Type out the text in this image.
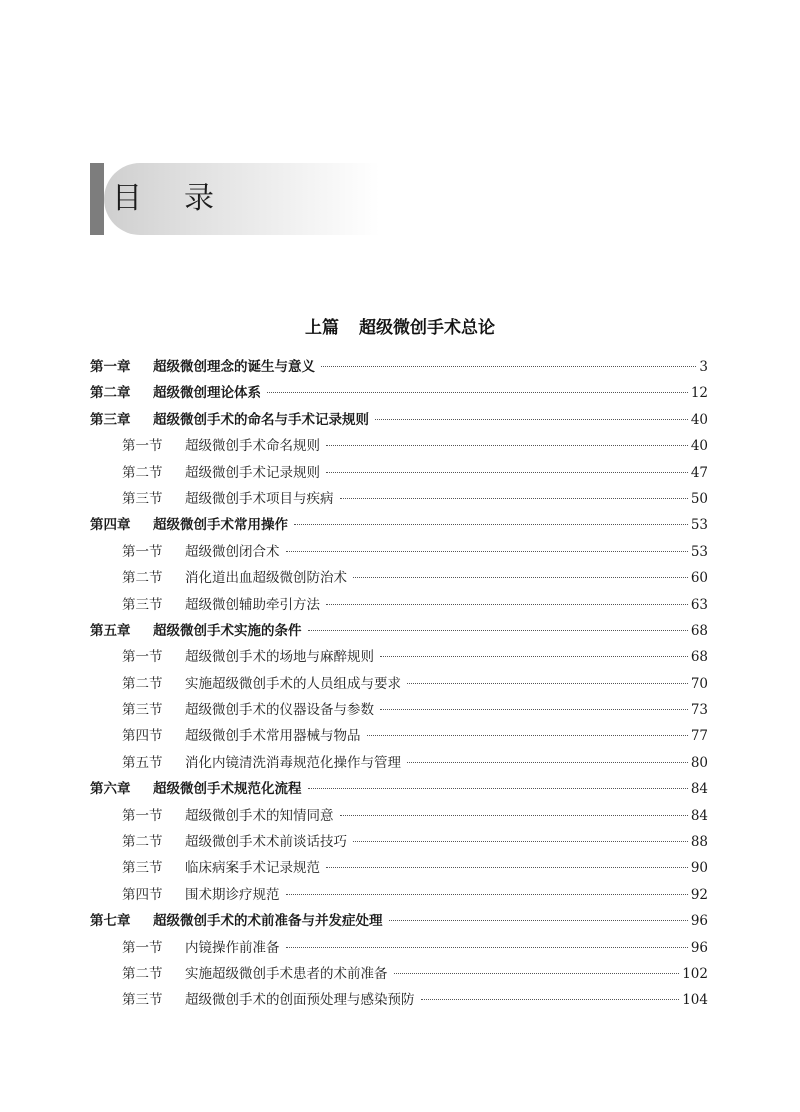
目录
上篇 超级微创手术总论
第一章	超级微创理念的诞生与意义	3
第二章	超级微创理论体系	12
第三章	超级微创手术的命名与手术记录规则	40
第一节	超级微创手术命名规则	40
第二节	超级微创手术记录规则	47
第三节	超级微创手术项目与疾病	50
第四章	超级微创手术常用操作	53
第一节	超级微创闭合术	53
第二节	消化道出血超级微创防治术	60
第三节	超级微创辅助牵引方法	63
第五章	超级微创手术实施的条件	68
第一节	超级微创手术的场地与麻醉规则	68
第二节	实施超级微创手术的人员组成与要求	70
第三节	超级微创手术的仪器设备与参数	73
第四节	超级微创手术常用器械与物品	77
第五节	消化内镜清洗消毒规范化操作与管理	80
第六章	超级微创手术规范化流程	84
第一节	超级微创手术的知情同意	84
第二节	超级微创手术术前谈话技巧	88
第三节	临床病案手术记录规范	90
第四节	围术期诊疗规范	92
第七章	超级微创手术的术前准备与并发症处理	96
第一节	内镜操作前准备	96
第二节	实施超级微创手术患者的术前准备	102
第三节	超级微创手术的创面预处理与感染预防	104
